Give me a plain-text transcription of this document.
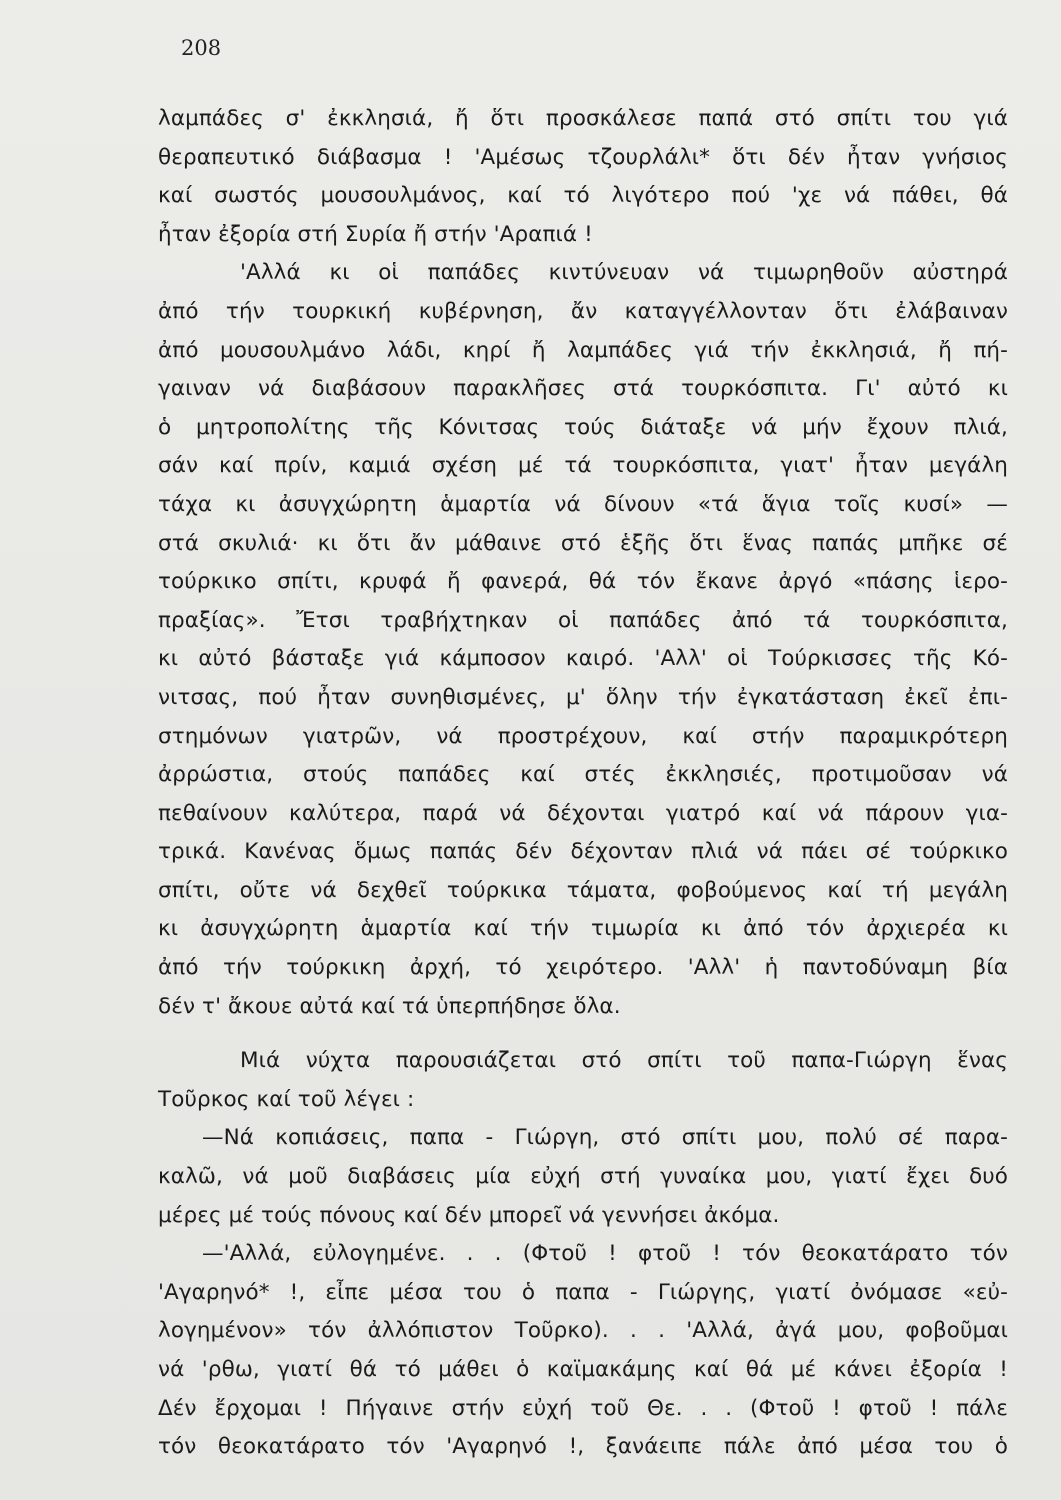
208
λαμπάδες σ' ἐκκλησιά, ἤ ὅτι προσκάλεσε παπά στό σπίτι του γιά
θεραπευτικό διάβασμα ! 'Αμέσως τζουρλάλι* ὅτι δέν ἦταν γνήσιος
καί σωστός μουσουλμάνος, καί τό λιγότερο πού 'χε νά πάθει, θά
ἦταν ἐξορία στή Συρία ἤ στήν 'Αραπιά !
'Αλλά κι οἱ παπάδες κιντύνευαν νά τιμωρηθοῦν αὐστηρά
ἀπό τήν τουρκική κυβέρνηση, ἄν καταγγέλλονταν ὅτι ἐλάβαιναν
ἀπό μουσουλμάνο λάδι, κηρί ἤ λαμπάδες γιά τήν ἐκκλησιά, ἤ πή-
γαιναν νά διαβάσουν παρακλῆσες στά τουρκόσπιτα. Γι' αὐτό κι
ὁ μητροπολίτης τῆς Κόνιτσας τούς διάταξε νά μήν ἔχουν πλιά,
σάν καί πρίν, καμιά σχέση μέ τά τουρκόσπιτα, γιατ' ἦταν μεγάλη
τάχα κι ἀσυγχώρητη ἁμαρτία νά δίνουν «τά ἅγια τοῖς κυσί» —
στά σκυλιά· κι ὅτι ἄν μάθαινε στό ἑξῆς ὅτι ἕνας παπάς μπῆκε σέ
τούρκικο σπίτι, κρυφά ἤ φανερά, θά τόν ἔκανε ἀργό «πάσης ἱερο-
πραξίας». Ἔτσι τραβήχτηκαν οἱ παπάδες ἀπό τά τουρκόσπιτα,
κι αὐτό βάσταξε γιά κάμποσον καιρό. 'Αλλ' οἱ Τούρκισσες τῆς Κό-
νιτσας, πού ἦταν συνηθισμένες, μ' ὅλην τήν ἐγκατάσταση ἐκεῖ ἐπι-
στημόνων γιατρῶν, νά προστρέχουν, καί στήν παραμικρότερη
ἀρρώστια, στούς παπάδες καί στές ἐκκλησιές, προτιμοῦσαν νά
πεθαίνουν καλύτερα, παρά νά δέχονται γιατρό καί νά πάρουν για-
τρικά. Κανένας ὅμως παπάς δέν δέχονταν πλιά νά πάει σέ τούρκικο
σπίτι, οὔτε νά δεχθεῖ τούρκικα τάματα, φοβούμενος καί τή μεγάλη
κι ἀσυγχώρητη ἁμαρτία καί τήν τιμωρία κι ἀπό τόν ἀρχιερέα κι
ἀπό τήν τούρκικη ἀρχή, τό χειρότερο. 'Αλλ' ἡ παντοδύναμη βία
δέν τ' ἄκουε αὐτά καί τά ὑπερπήδησε ὅλα.
Μιά νύχτα παρουσιάζεται στό σπίτι τοῦ παπα-Γιώργη ἕνας
Τοῦρκος καί τοῦ λέγει :
—Νά κοπιάσεις, παπα - Γιώργη, στό σπίτι μου, πολύ σέ παρα-
καλῶ, νά μοῦ διαβάσεις μία εὐχή στή γυναίκα μου, γιατί ἔχει δυό
μέρες μέ τούς πόνους καί δέν μπορεῖ νά γεννήσει ἀκόμα.
—'Αλλά, εὐλογημένε. . . (Φτοῦ ! φτοῦ ! τόν θεοκατάρατο τόν
'Αγαρηνό* !, εἶπε μέσα του ὁ παπα - Γιώργης, γιατί ὀνόμασε «εὐ-
λογημένον» τόν ἀλλόπιστον Τοῦρκο). . . 'Αλλά, ἀγά μου, φοβοῦμαι
νά 'ρθω, γιατί θά τό μάθει ὁ καϊμακάμης καί θά μέ κάνει ἐξορία !
Δέν ἔρχομαι ! Πήγαινε στήν εὐχή τοῦ Θε. . . (Φτοῦ ! φτοῦ ! πάλε
τόν θεοκατάρατο τόν 'Αγαρηνό !, ξανάειπε πάλε ἀπό μέσα του ὁ
